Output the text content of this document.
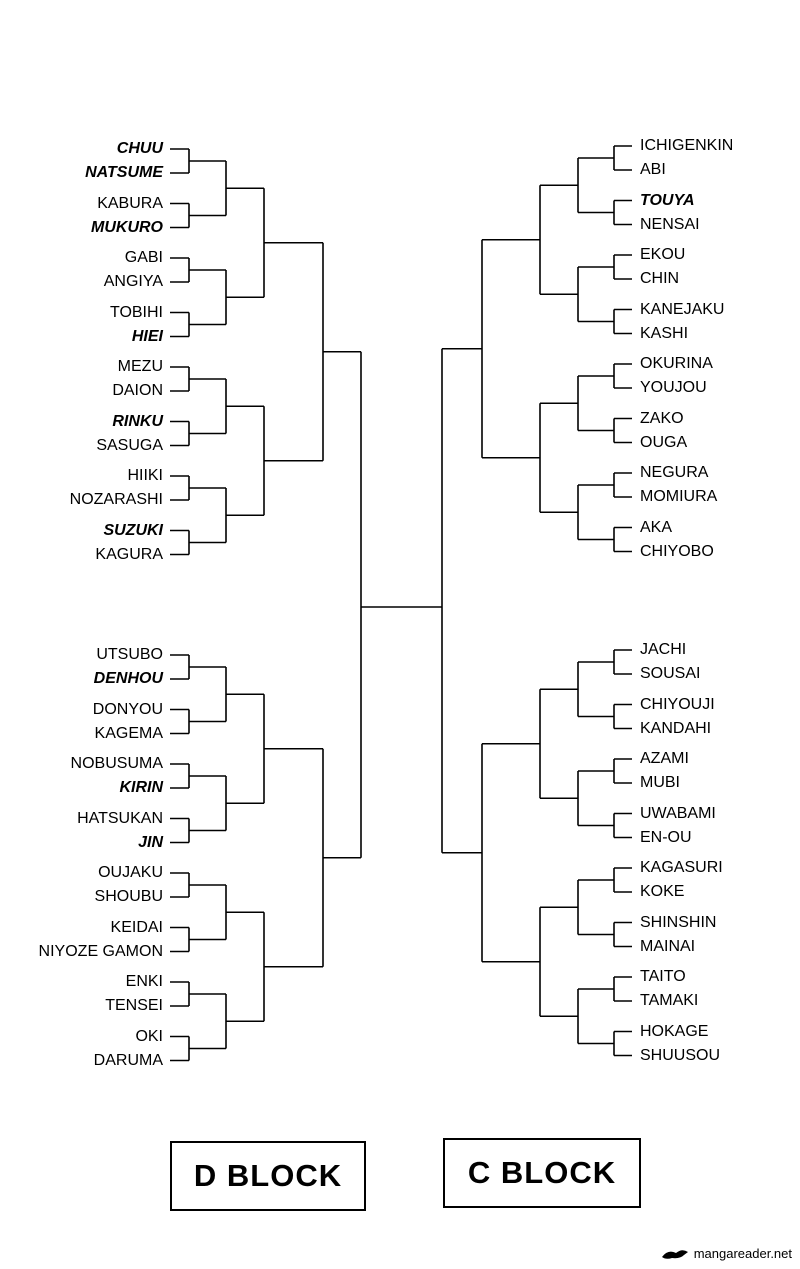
CHUU
NATSUME
KABURA
MUKURO
GABI
ANGIYA
TOBIHI
HIEI
MEZU
DAION
RINKU
SASUGA
HIIKI
NOZARASHI
SUZUKI
KAGURA
UTSUBO
DENHOU
DONYOU
KAGEMA
NOBUSUMA
KIRIN
HATSUKAN
JIN
OUJAKU
SHOUBU
KEIDAI
NIYOZE GAMON
ENKI
TENSEI
OKI
DARUMA
ICHIGENKIN
ABI
TOUYA
NENSAI
EKOU
CHIN
KANEJAKU
KASHI
OKURINA
YOUJOU
ZAKO
OUGA
NEGURA
MOMIURA
AKA
CHIYOBO
JACHI
SOUSAI
CHIYOUJI
KANDAHI
AZAMI
MUBI
UWABAMI
EN-OU
KAGASURI
KOKE
SHINSHIN
MAINAI
TAITO
TAMAKI
HOKAGE
SHUUSOU
D BLOCK	C BLOCK
mangareader.net
